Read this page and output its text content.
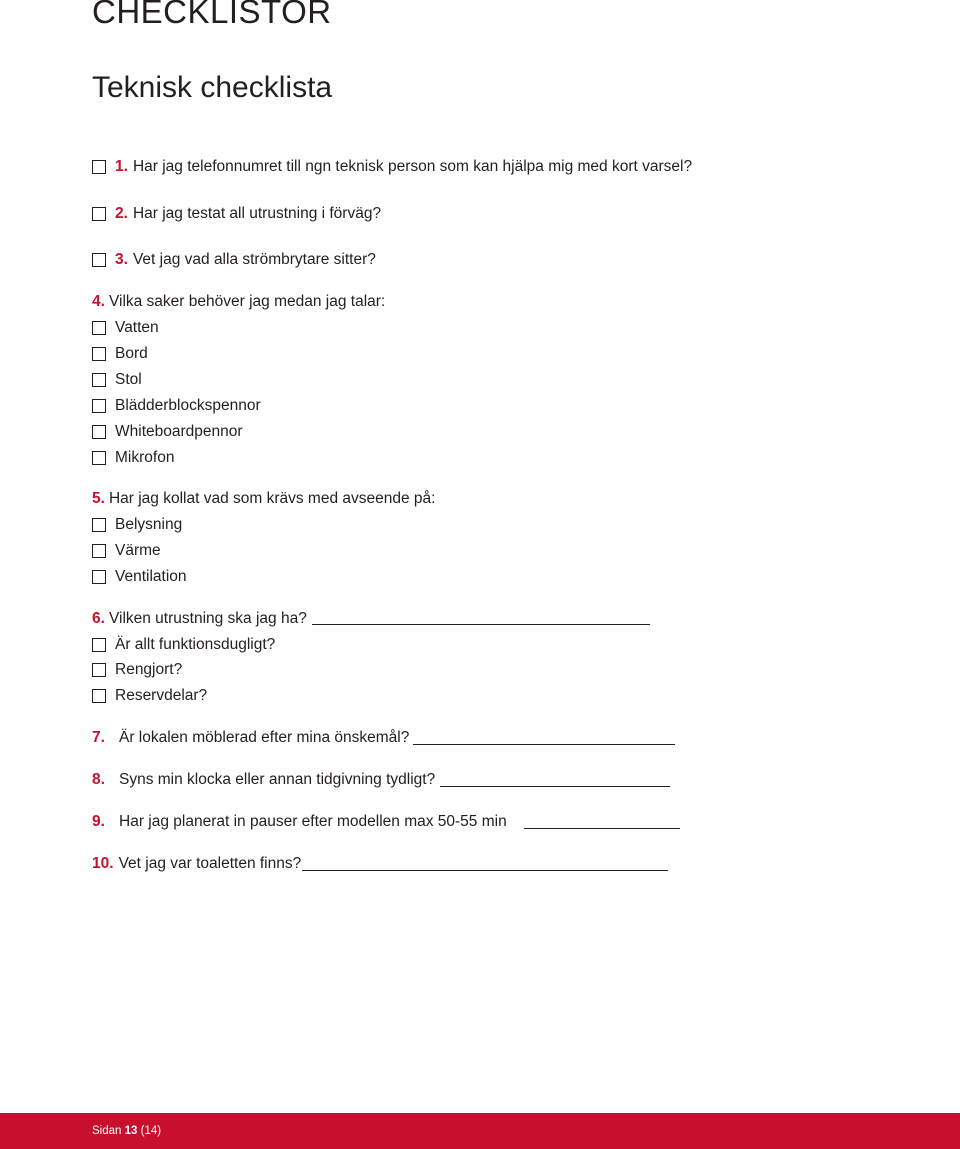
CHECKLISTOR
Teknisk checklista
1. Har jag telefonnumret till ngn teknisk person som kan hjälpa mig med kort varsel?
2. Har jag testat all utrustning i förväg?
3. Vet jag vad alla strömbrytare sitter?
4. Vilka saker behöver jag medan jag talar:
Vatten
Bord
Stol
Blädderblockspennor
Whiteboardpennor
Mikrofon
5. Har jag kollat vad som krävs med avseende på:
Belysning
Värme
Ventilation
6. Vilken utrustning ska jag ha?
Är allt funktionsdugligt?
Rengjort?
Reservdelar?
7. Är lokalen möblerad efter mina önskemål?
8. Syns min klocka eller annan tidgivning tydligt?
9. Har jag planerat in pauser efter modellen max 50-55 min
10. Vet jag var toaletten finns?
Sidan 13 (14)
